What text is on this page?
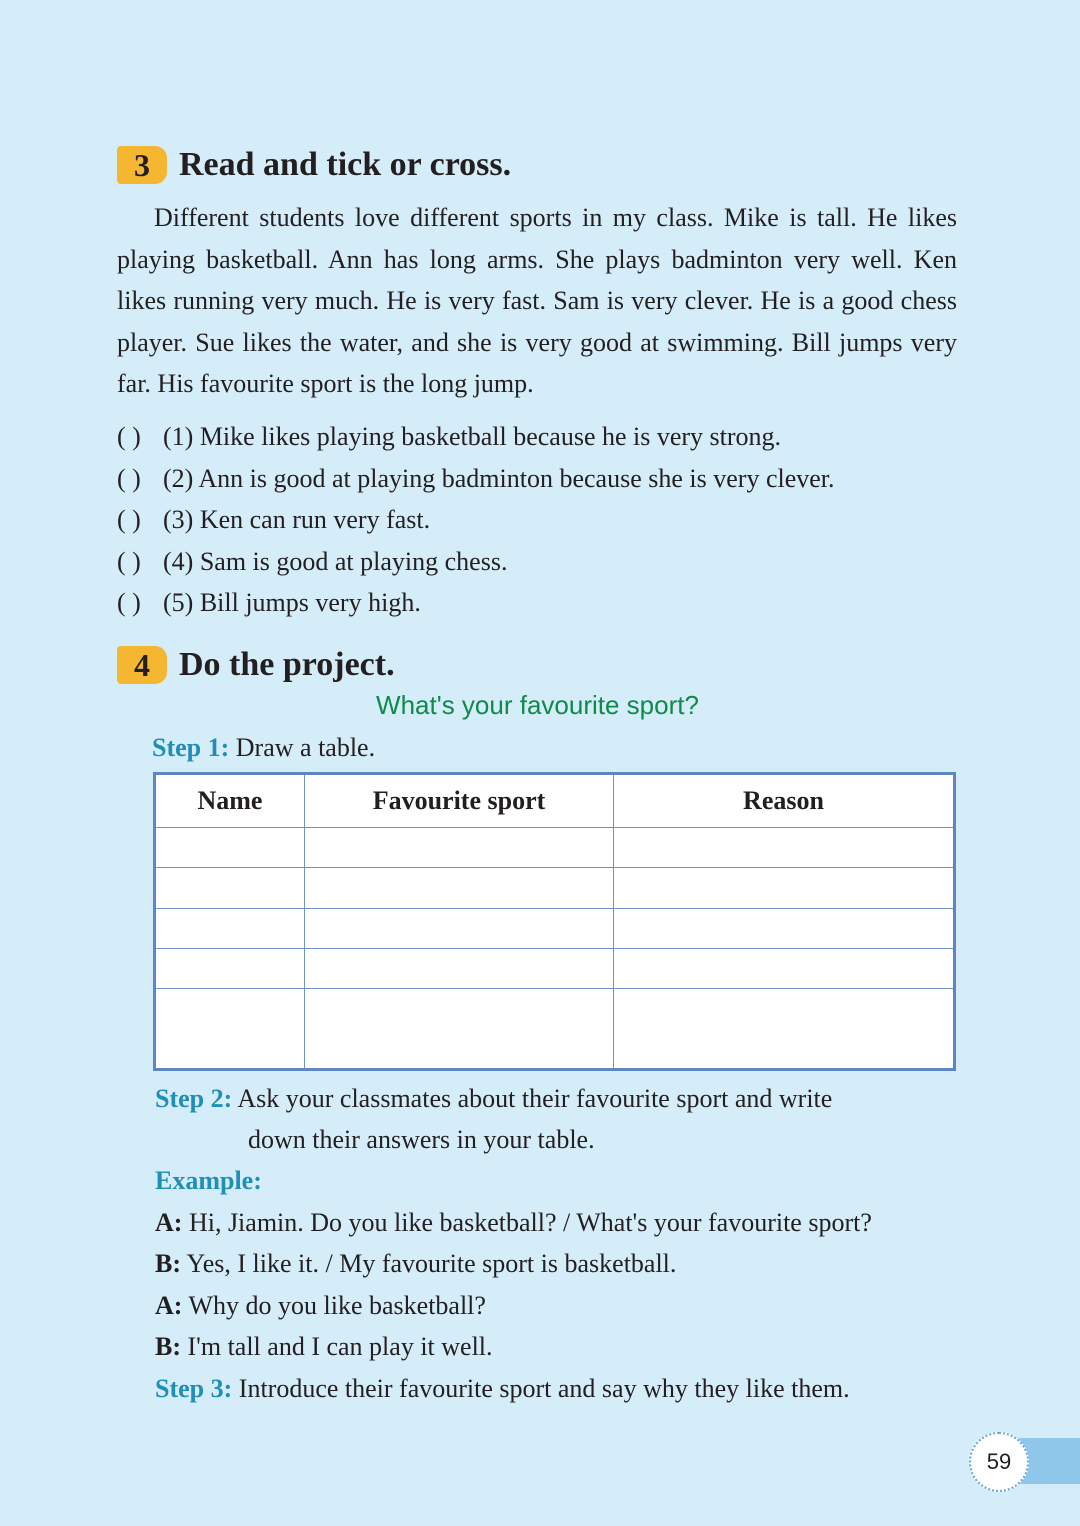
3 Read and tick or cross.
Different students love different sports in my class. Mike is tall. He likes playing basketball. Ann has long arms. She plays badminton very well. Ken likes running very much. He is very fast. Sam is very clever. He is a good chess player. Sue likes the water, and she is very good at swimming. Bill jumps very far. His favourite sport is the long jump.
( ) (1) Mike likes playing basketball because he is very strong.
( ) (2) Ann is good at playing badminton because she is very clever.
( ) (3) Ken can run very fast.
( ) (4) Sam is good at playing chess.
( ) (5) Bill jumps very high.
4 Do the project.
What's your favourite sport?
Step 1: Draw a table.
Name	Favourite sport	Reason

Step 2: Ask your classmates about their favourite sport and write
down their answers in your table.
Example:
A: Hi, Jiamin. Do you like basketball? / What's your favourite sport?
B: Yes, I like it. / My favourite sport is basketball.
A: Why do you like basketball?
B: I'm tall and I can play it well.
Step 3: Introduce their favourite sport and say why they like them.
59
